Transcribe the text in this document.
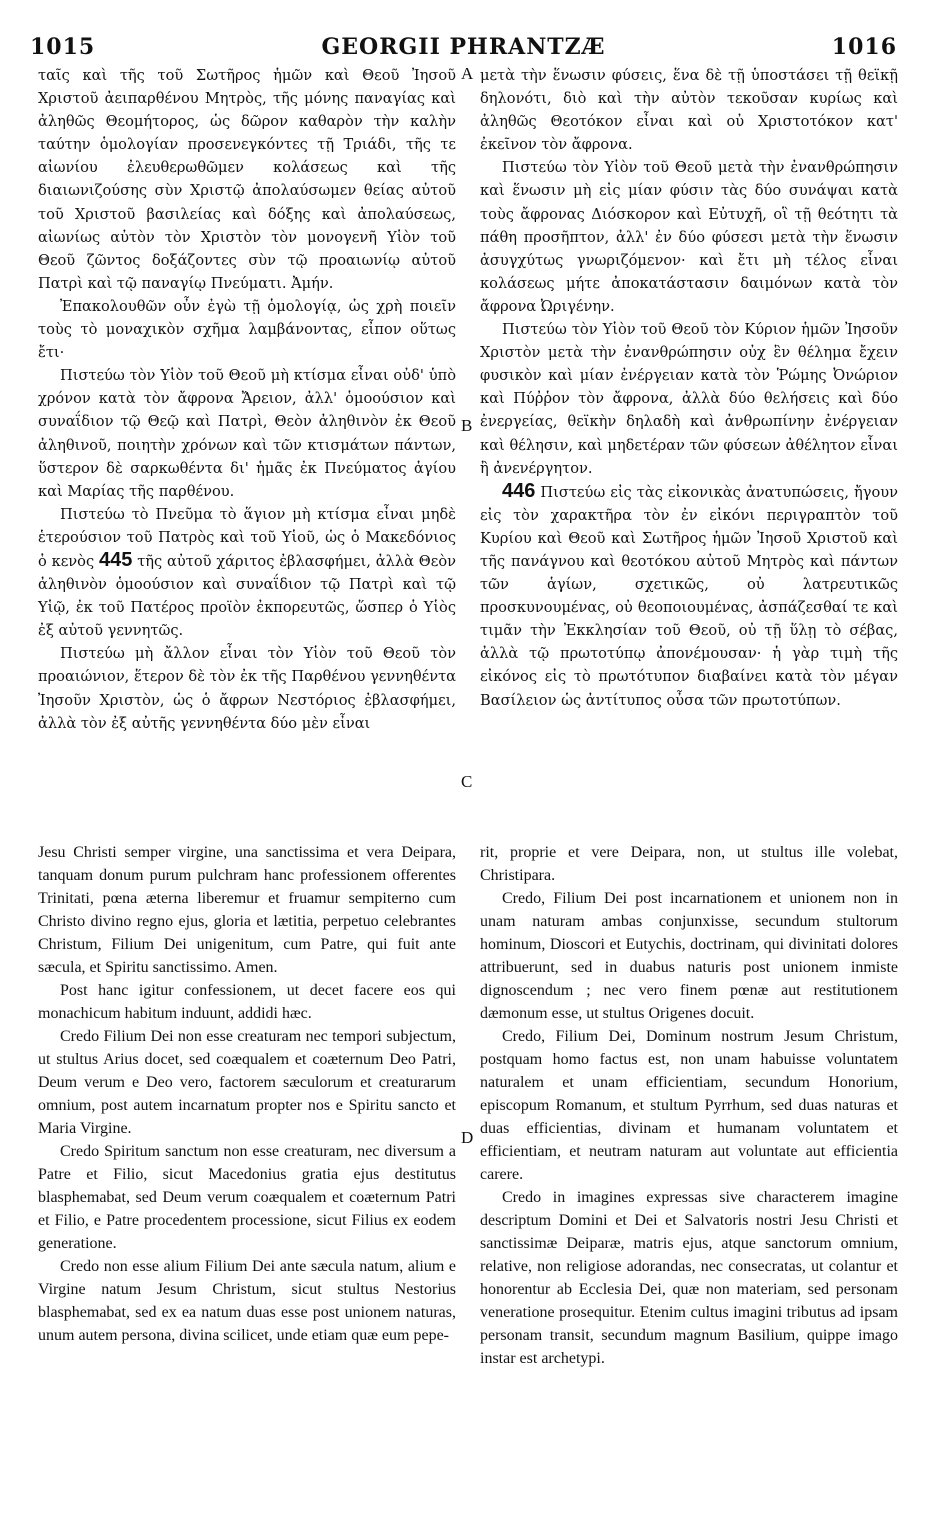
1015	GEORGII PHRANTZÆ	1016
A
B
C
D

ταῖς καὶ τῆς τοῦ Σωτῆρος ἡμῶν καὶ Θεοῦ Ἰησοῦ Χριστοῦ ἀειπαρθένου Μητρὸς, τῆς μόνης παναγίας καὶ ἀληθῶς Θεομήτορος, ὡς δῶρον καθαρὸν τὴν καλὴν ταύτην ὁμολογίαν προσενεγκόντες τῇ Τριάδι, τῆς τε αἰωνίου ἐλευθερωθῶμεν κολάσεως καὶ τῆς διαιωνιζούσης σὺν Χριστῷ ἀπολαύσωμεν θείας αὐτοῦ τοῦ Χριστοῦ βασιλείας καὶ δόξης καὶ ἀπολαύσεως, αἰωνίως αὐτὸν τὸν Χριστὸν τὸν μονογενῆ Υἱὸν τοῦ Θεοῦ ζῶντος δοξάζοντες σὺν τῷ προαιωνίῳ αὐτοῦ Πατρὶ καὶ τῷ παναγίῳ Πνεύματι. Ἀμήν.

Ἐπακολουθῶν οὖν ἐγὼ τῇ ὁμολογίᾳ, ὡς χρὴ ποιεῖν τοὺς τὸ μοναχικὸν σχῆμα λαμβάνοντας, εἶπον οὕτως ἔτι·

Πιστεύω τὸν Υἱὸν τοῦ Θεοῦ μὴ κτίσμα εἶναι οὐδ' ὑπὸ χρόνον κατὰ τὸν ἄφρονα Ἄρειον, ἀλλ' ὁμοούσιον καὶ συναΐδιον τῷ Θεῷ καὶ Πατρὶ, Θεὸν ἀληθινὸν ἐκ Θεοῦ ἀληθινοῦ, ποιητὴν χρόνων καὶ τῶν κτισμάτων πάντων, ὕστερον δὲ σαρκωθέντα δι' ἡμᾶς ἐκ Πνεύματος ἁγίου καὶ Μαρίας τῆς παρθένου.

Πιστεύω τὸ Πνεῦμα τὸ ἅγιον μὴ κτίσμα εἶναι μηδὲ ἑτερούσιον τοῦ Πατρὸς καὶ τοῦ Υἱοῦ, ὡς ὁ Μακεδόνιος ὁ κενὸς 445 τῆς αὐτοῦ χάριτος ἐβλασφήμει, ἀλλὰ Θεὸν ἀληθινὸν ὁμοούσιον καὶ συναΐδιον τῷ Πατρὶ καὶ τῷ Υἱῷ, ἐκ τοῦ Πατέρος προϊὸν ἐκπορευτῶς, ὥσπερ ὁ Υἱὸς ἐξ αὐτοῦ γεννητῶς.

Πιστεύω μὴ ἄλλον εἶναι τὸν Υἱὸν τοῦ Θεοῦ τὸν προαιώνιον, ἕτερον δὲ τὸν ἐκ τῆς Παρθένου γεννηθέντα Ἰησοῦν Χριστὸν, ὡς ὁ ἄφρων Νεστόριος ἐβλασφήμει, ἀλλὰ τὸν ἐξ αὐτῆς γεννηθέντα δύο μὲν εἶναι

μετὰ τὴν ἕνωσιν φύσεις, ἕνα δὲ τῇ ὑποστάσει τῇ θεϊκῇ δηλονότι, διὸ καὶ τὴν αὐτὸν τεκοῦσαν κυρίως καὶ ἀληθῶς Θεοτόκον εἶναι καὶ οὐ Χριστοτόκον κατ' ἐκεῖνον τὸν ἄφρονα.

Πιστεύω τὸν Υἱὸν τοῦ Θεοῦ μετὰ τὴν ἐνανθρώπησιν καὶ ἕνωσιν μὴ εἰς μίαν φύσιν τὰς δύο συνάψαι κατὰ τοὺς ἄφρονας Διόσκορον καὶ Εὐτυχῆ, οἳ τῇ θεότητι τὰ πάθη προσῆπτον, ἀλλ' ἐν δύο φύσεσι μετὰ τὴν ἕνωσιν ἀσυγχύτως γνωριζόμενον· καὶ ἔτι μὴ τέλος εἶναι κολάσεως μήτε ἀποκατάστασιν δαιμόνων κατὰ τὸν ἄφρονα Ὠριγένην.

Πιστεύω τὸν Υἱὸν τοῦ Θεοῦ τὸν Κύριον ἡμῶν Ἰησοῦν Χριστὸν μετὰ τὴν ἐνανθρώπησιν οὐχ ἓν θέλημα ἔχειν φυσικὸν καὶ μίαν ἐνέργειαν κατὰ τὸν Ῥώμης Ὀνώριον καὶ Πύῤῥον τὸν ἄφρονα, ἀλλὰ δύο θελήσεις καὶ δύο ἐνεργείας, θεϊκὴν δηλαδὴ καὶ ἀνθρωπίνην ἐνέργειαν καὶ θέλησιν, καὶ μηδετέραν τῶν φύσεων ἀθέλητον εἶναι ἢ ἀνενέργητον.

446 Πιστεύω εἰς τὰς εἰκονικὰς ἀνατυπώσεις, ἤγουν εἰς τὸν χαρακτῆρα τὸν ἐν εἰκόνι περιγραπτὸν τοῦ Κυρίου καὶ Θεοῦ καὶ Σωτῆρος ἡμῶν Ἰησοῦ Χριστοῦ καὶ τῆς πανάγνου καὶ θεοτόκου αὐτοῦ Μητρὸς καὶ πάντων τῶν ἁγίων, σχετικῶς, οὐ λατρευτικῶς προσκυνουμένας, οὐ θεοποιουμένας, ἀσπάζεσθαί τε καὶ τιμᾶν τὴν Ἐκκλησίαν τοῦ Θεοῦ, οὐ τῇ ὕλῃ τὸ σέβας, ἀλλὰ τῷ πρωτοτύπῳ ἀπονέμουσαν· ἡ γὰρ τιμὴ τῆς εἰκόνος εἰς τὸ πρωτότυπον διαβαίνει κατὰ τὸν μέγαν Βασίλειον ὡς ἀντίτυπος οὖσα τῶν πρωτοτύπων.

Jesu Christi semper virgine, una sanctissima et vera Deipara, tanquam donum purum pulchram hanc professionem offerentes Trinitati, pœna æterna liberemur et fruamur sempiterno cum Christo divino regno ejus, gloria et lætitia, perpetuo celebrantes Christum, Filium Dei unigenitum, cum Patre, qui fuit ante sæcula, et Spiritu sanctissimo. Amen.

Post hanc igitur confessionem, ut decet facere eos qui monachicum habitum induunt, addidi hæc.

Credo Filium Dei non esse creaturam nec tempori subjectum, ut stultus Arius docet, sed coæqualem et coæternum Deo Patri, Deum verum e Deo vero, factorem sæculorum et creaturarum omnium, post autem incarnatum propter nos e Spiritu sancto et Maria Virgine.

Credo Spiritum sanctum non esse creaturam, nec diversum a Patre et Filio, sicut Macedonius gratia ejus destitutus blasphemabat, sed Deum verum coæqualem et coæternum Patri et Filio, e Patre procedentem processione, sicut Filius ex eodem generatione.

Credo non esse alium Filium Dei ante sæcula natum, alium e Virgine natum Jesum Christum, sicut stultus Nestorius blasphemabat, sed ex ea natum duas esse post unionem naturas, unum autem persona, divina scilicet, unde etiam quæ eum pepe-

rit, proprie et vere Deipara, non, ut stultus ille volebat, Christipara.

Credo, Filium Dei post incarnationem et unionem non in unam naturam ambas conjunxisse, secundum stultorum hominum, Dioscori et Eutychis, doctrinam, qui divinitati dolores attribuerunt, sed in duabus naturis post unionem inmiste dignoscendum ; nec vero finem pœnæ aut restitutionem dæmonum esse, ut stultus Origenes docuit.

Credo, Filium Dei, Dominum nostrum Jesum Christum, postquam homo factus est, non unam habuisse voluntatem naturalem et unam efficientiam, secundum Honorium, episcopum Romanum, et stultum Pyrrhum, sed duas naturas et duas efficientias, divinam et humanam voluntatem et efficientiam, et neutram naturam aut voluntate aut efficientia carere.

Credo in imagines expressas sive characterem imagine descriptum Domini et Dei et Salvatoris nostri Jesu Christi et sanctissimæ Deiparæ, matris ejus, atque sanctorum omnium, relative, non religiose adorandas, nec consecratas, ut colantur et honorentur ab Ecclesia Dei, quæ non materiam, sed personam veneratione prosequitur. Etenim cultus imagini tributus ad ipsam personam transit, secundum magnum Basilium, quippe imago instar est archetypi.
